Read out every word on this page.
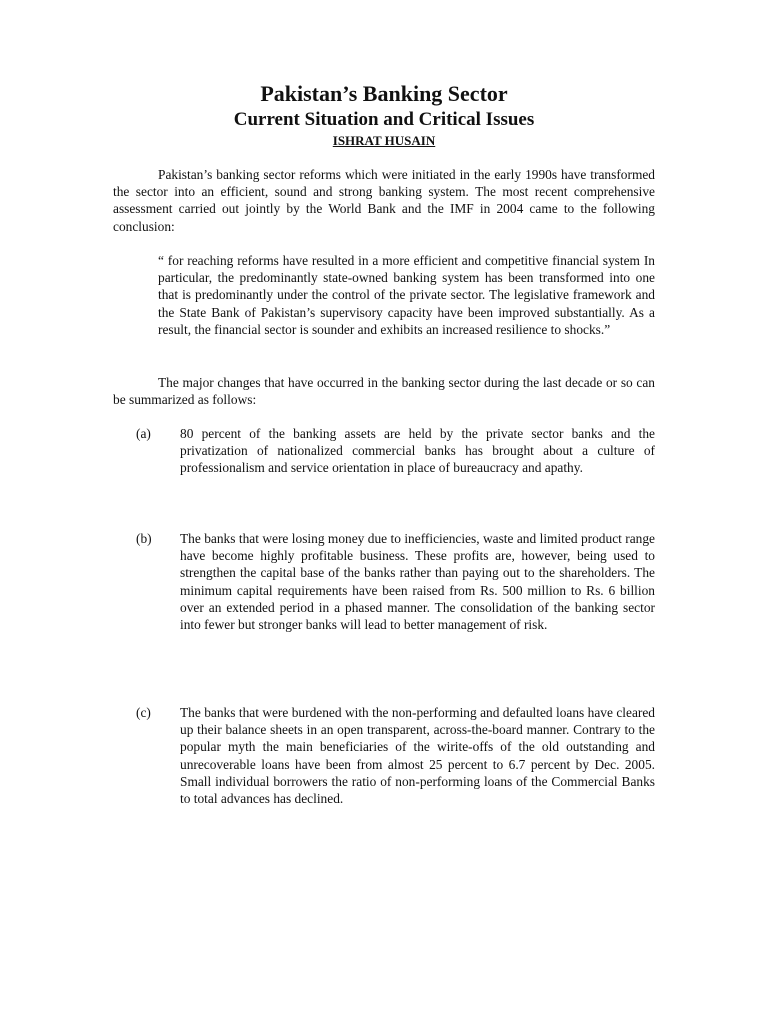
Pakistan’s Banking Sector
Current Situation and Critical Issues
ISHRAT HUSAIN

Pakistan’s banking sector reforms which were initiated in the early 1990s have transformed the sector into an efficient, sound and strong banking system. The most recent comprehensive assessment carried out jointly by the World Bank and the IMF in 2004 came to the following conclusion:

“ for reaching reforms have resulted in a more efficient and competitive financial system In particular, the predominantly state-owned banking system has been transformed into one that is predominantly under the control of the private sector. The legislative framework and the State Bank of Pakistan’s supervisory capacity have been improved substantially. As a result, the financial sector is sounder and exhibits an increased resilience to shocks.”

The major changes that have occurred in the banking sector during the last decade or so can be summarized as follows:

(a) 80 percent of the banking assets are held by the private sector banks and the privatization of nationalized commercial banks has brought about a culture of professionalism and service orientation in place of bureaucracy and apathy.

(b) The banks that were losing money due to inefficiencies, waste and limited product range have become highly profitable business. These profits are, however, being used to strengthen the capital base of the banks rather than paying out to the shareholders. The minimum capital requirements have been raised from Rs. 500 million to Rs. 6 billion over an extended period in a phased manner. The consolidation of the banking sector into fewer but stronger banks will lead to better management of risk.

(c) The banks that were burdened with the non-performing and defaulted loans have cleared up their balance sheets in an open transparent, across-the-board manner. Contrary to the popular myth the main beneficiaries of the wirite-offs of the old outstanding and unrecoverable loans have been from almost 25 percent to 6.7 percent by Dec. 2005. Small individual borrowers the ratio of non-performing loans of the Commercial Banks to total advances has declined.
